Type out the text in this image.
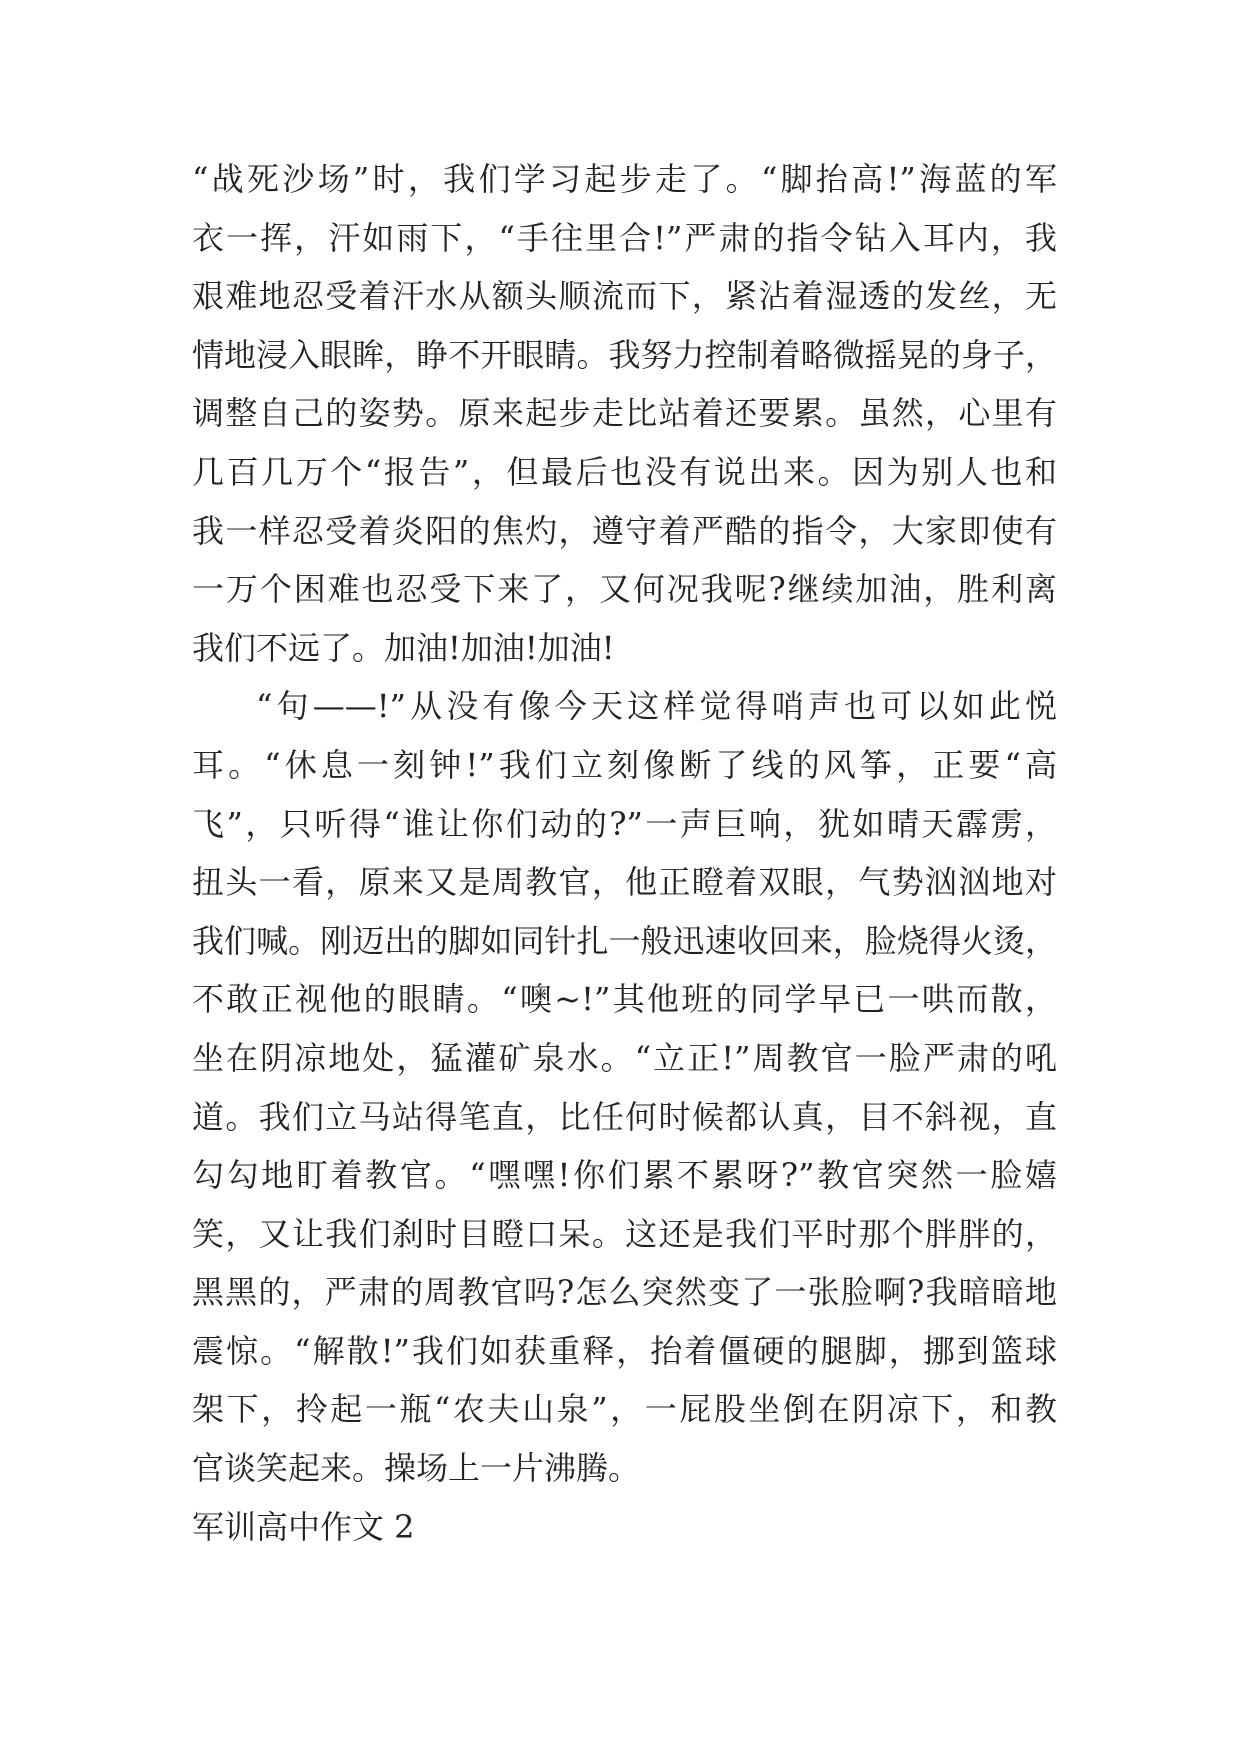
“战死沙场”时，我们学习起步走了。“脚抬高!”海蓝的军
衣一挥，汗如雨下，“手往里合!”严肃的指令钻入耳内，我
艰难地忍受着汗水从额头顺流而下，紧沾着湿透的发丝，无
情地浸入眼眸，睁不开眼睛。我努力控制着略微摇晃的身子，
调整自己的姿势。原来起步走比站着还要累。虽然，心里有
几百几万个“报告”，但最后也没有说出来。因为别人也和
我一样忍受着炎阳的焦灼，遵守着严酷的指令，大家即使有
一万个困难也忍受下来了，又何况我呢?继续加油，胜利离
我们不远了。加油!加油!加油!
“句——!”从没有像今天这样觉得哨声也可以如此悦
耳。“休息一刻钟!”我们立刻像断了线的风筝，正要“高
飞”，只听得“谁让你们动的?”一声巨响，犹如晴天霹雳，
扭头一看，原来又是周教官，他正瞪着双眼，气势汹汹地对
我们喊。刚迈出的脚如同针扎一般迅速收回来，脸烧得火烫，
不敢正视他的眼睛。“噢~!”其他班的同学早已一哄而散，
坐在阴凉地处，猛灌矿泉水。“立正!”周教官一脸严肃的吼
道。我们立马站得笔直，比任何时候都认真，目不斜视，直
勾勾地盯着教官。“嘿嘿!你们累不累呀?”教官突然一脸嬉
笑，又让我们刹时目瞪口呆。这还是我们平时那个胖胖的，
黑黑的，严肃的周教官吗?怎么突然变了一张脸啊?我暗暗地
震惊。“解散!”我们如获重释，抬着僵硬的腿脚，挪到篮球
架下，拎起一瓶“农夫山泉”，一屁股坐倒在阴凉下，和教
官谈笑起来。操场上一片沸腾。
军训高中作文 2
